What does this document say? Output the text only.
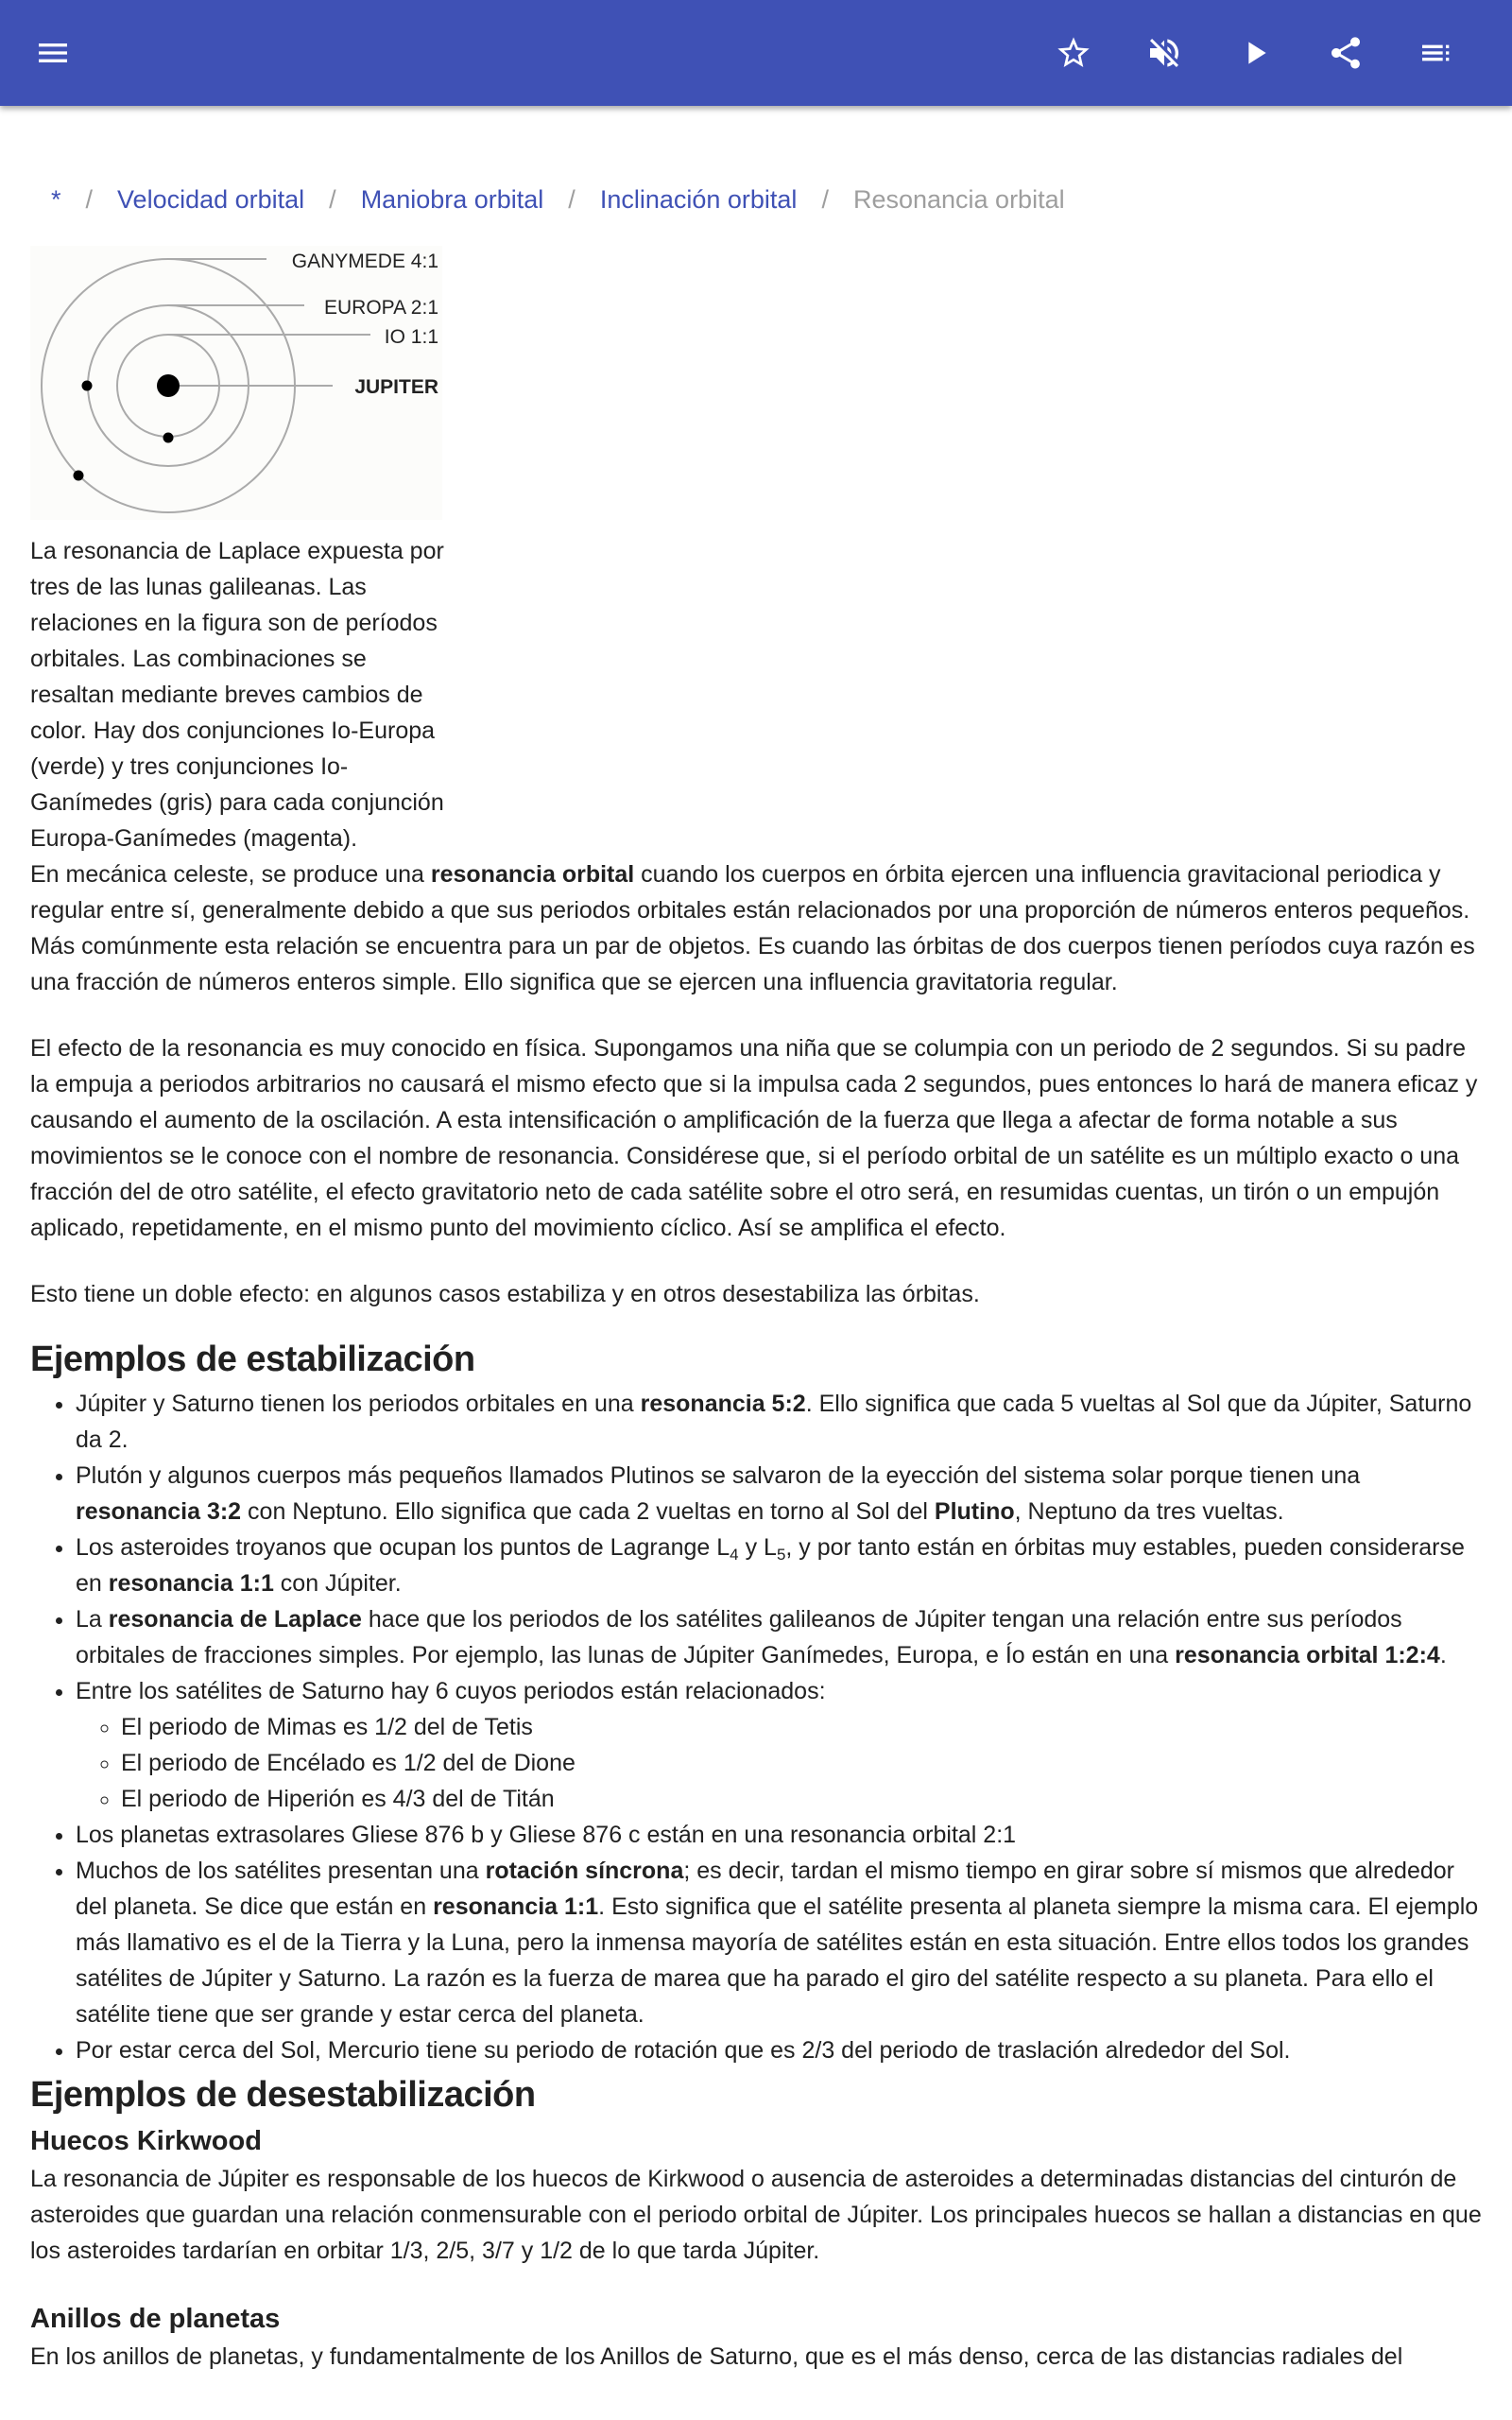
* / Velocidad orbital / Maniobra orbital / Inclinación orbital / Resonancia orbital
GANYMEDE 4:1
EUROPA 2:1
IO 1:1
JUPITER
La resonancia de Laplace expuesta por tres de las lunas galileanas. Las relaciones en la figura son de períodos orbitales. Las combinaciones se resaltan mediante breves cambios de color. Hay dos conjunciones Io-Europa (verde) y tres conjunciones Io-Ganímedes (gris) para cada conjunción Europa-Ganímedes (magenta).

En mecánica celeste, se produce una resonancia orbital cuando los cuerpos en órbita ejercen una influencia gravitacional periodica y regular entre sí, generalmente debido a que sus periodos orbitales están relacionados por una proporción de números enteros pequeños. Más comúnmente esta relación se encuentra para un par de objetos. Es cuando las órbitas de dos cuerpos tienen períodos cuya razón es una fracción de números enteros simple. Ello significa que se ejercen una influencia gravitatoria regular.

El efecto de la resonancia es muy conocido en física. Supongamos una niña que se columpia con un periodo de 2 segundos. Si su padre la empuja a periodos arbitrarios no causará el mismo efecto que si la impulsa cada 2 segundos, pues entonces lo hará de manera eficaz y causando el aumento de la oscilación. A esta intensificación o amplificación de la fuerza que llega a afectar de forma notable a sus movimientos se le conoce con el nombre de resonancia. Considérese que, si el período orbital de un satélite es un múltiplo exacto o una fracción del de otro satélite, el efecto gravitatorio neto de cada satélite sobre el otro será, en resumidas cuentas, un tirón o un empujón aplicado, repetidamente, en el mismo punto del movimiento cíclico. Así se amplifica el efecto.

Esto tiene un doble efecto: en algunos casos estabiliza y en otros desestabiliza las órbitas.

Ejemplos de estabilización
• Júpiter y Saturno tienen los periodos orbitales en una resonancia 5:2. Ello significa que cada 5 vueltas al Sol que da Júpiter, Saturno da 2.
• Plutón y algunos cuerpos más pequeños llamados Plutinos se salvaron de la eyección del sistema solar porque tienen una resonancia 3:2 con Neptuno. Ello significa que cada 2 vueltas en torno al Sol del Plutino, Neptuno da tres vueltas.
• Los asteroides troyanos que ocupan los puntos de Lagrange $L_4$ y $L_5$, y por tanto están en órbitas muy estables, pueden considerarse en resonancia 1:1 con Júpiter.
• La resonancia de Laplace hace que los periodos de los satélites galileanos de Júpiter tengan una relación entre sus períodos orbitales de fracciones simples. Por ejemplo, las lunas de Júpiter Ganímedes, Europa, e Ío están en una resonancia orbital 1:2:4.
• Entre los satélites de Saturno hay 6 cuyos periodos están relacionados:
◦ El periodo de Mimas es 1/2 del de Tetis
◦ El periodo de Encélado es 1/2 del de Dione
◦ El periodo de Hiperión es 4/3 del de Titán
• Los planetas extrasolares Gliese 876 b y Gliese 876 c están en una resonancia orbital 2:1
• Muchos de los satélites presentan una rotación síncrona; es decir, tardan el mismo tiempo en girar sobre sí mismos que alrededor del planeta. Se dice que están en resonancia 1:1. Esto significa que el satélite presenta al planeta siempre la misma cara. El ejemplo más llamativo es el de la Tierra y la Luna, pero la inmensa mayoría de satélites están en esta situación. Entre ellos todos los grandes satélites de Júpiter y Saturno. La razón es la fuerza de marea que ha parado el giro del satélite respecto a su planeta. Para ello el satélite tiene que ser grande y estar cerca del planeta.
• Por estar cerca del Sol, Mercurio tiene su periodo de rotación que es 2/3 del periodo de traslación alrededor del Sol.
Ejemplos de desestabilización
Huecos Kirkwood

La resonancia de Júpiter es responsable de los huecos de Kirkwood o ausencia de asteroides a determinadas distancias del cinturón de asteroides que guardan una relación conmensurable con el periodo orbital de Júpiter. Los principales huecos se hallan a distancias en que los asteroides tardarían en orbitar 1/3, 2/5, 3/7 y 1/2 de lo que tarda Júpiter.

Anillos de planetas

En los anillos de planetas, y fundamentalmente de los Anillos de Saturno, que es el más denso, cerca de las distancias radiales del
